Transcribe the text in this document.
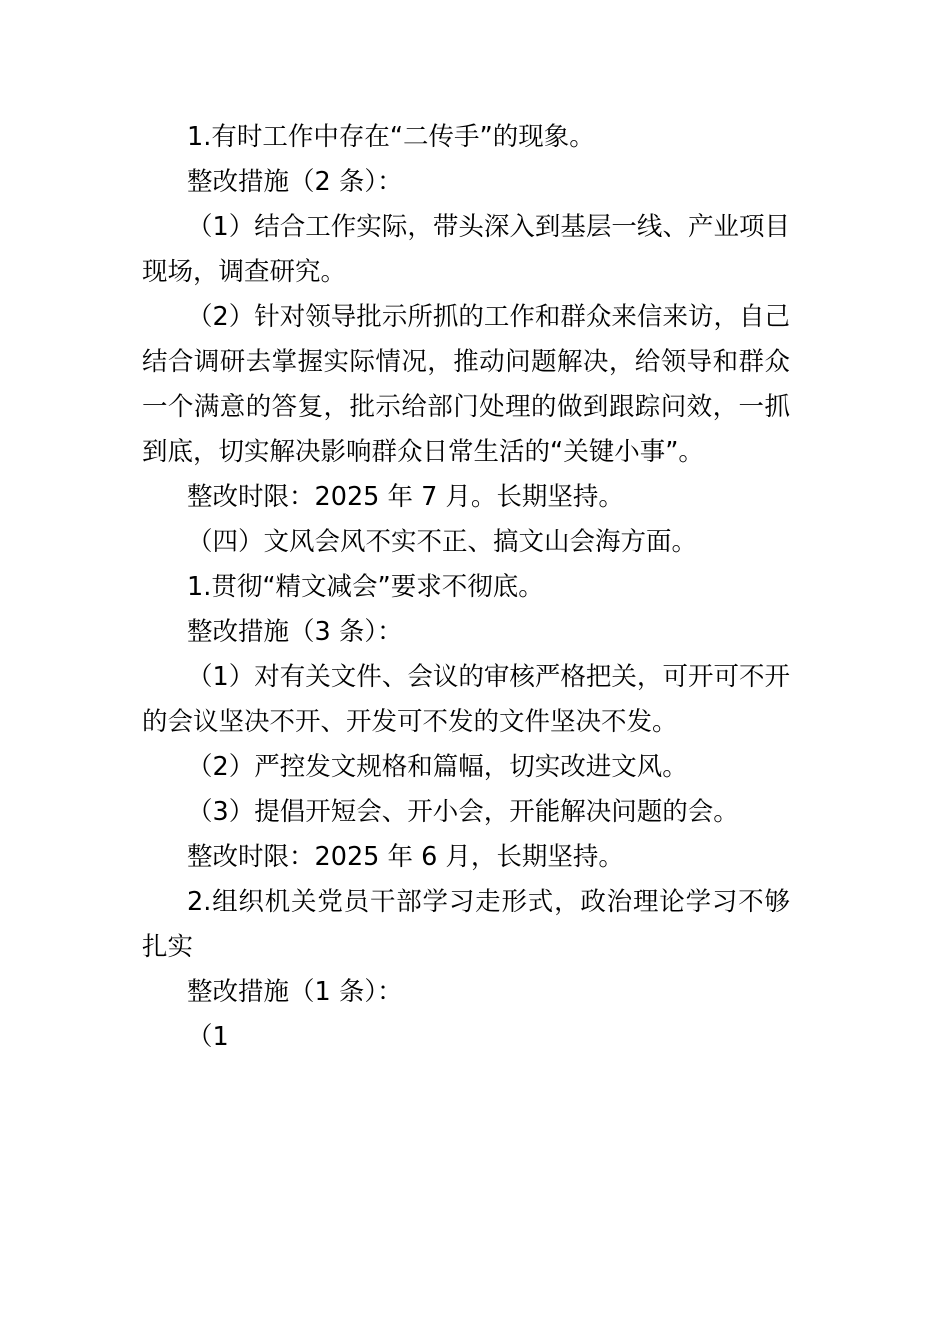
1.有时工作中存在“二传手”的现象。

整改措施（2 条）：

（1）结合工作实际，带头深入到基层一线、产业项目现场，调查研究。

（2）针对领导批示所抓的工作和群众来信来访，自己结合调研去掌握实际情况，推动问题解决，给领导和群众一个满意的答复，批示给部门处理的做到跟踪问效，一抓到底，切实解决影响群众日常生活的“关键小事”。

整改时限：2025 年 7 月。长期坚持。

（四）文风会风不实不正、搞文山会海方面。

1.贯彻“精文减会”要求不彻底。

整改措施（3 条）：

（1）对有关文件、会议的审核严格把关，可开可不开的会议坚决不开、开发可不发的文件坚决不发。

（2）严控发文规格和篇幅，切实改进文风。

（3）提倡开短会、开小会，开能解决问题的会。

整改时限：2025 年 6 月，长期坚持。

2.组织机关党员干部学习走形式，政治理论学习不够扎实

整改措施（1 条）：

（1
